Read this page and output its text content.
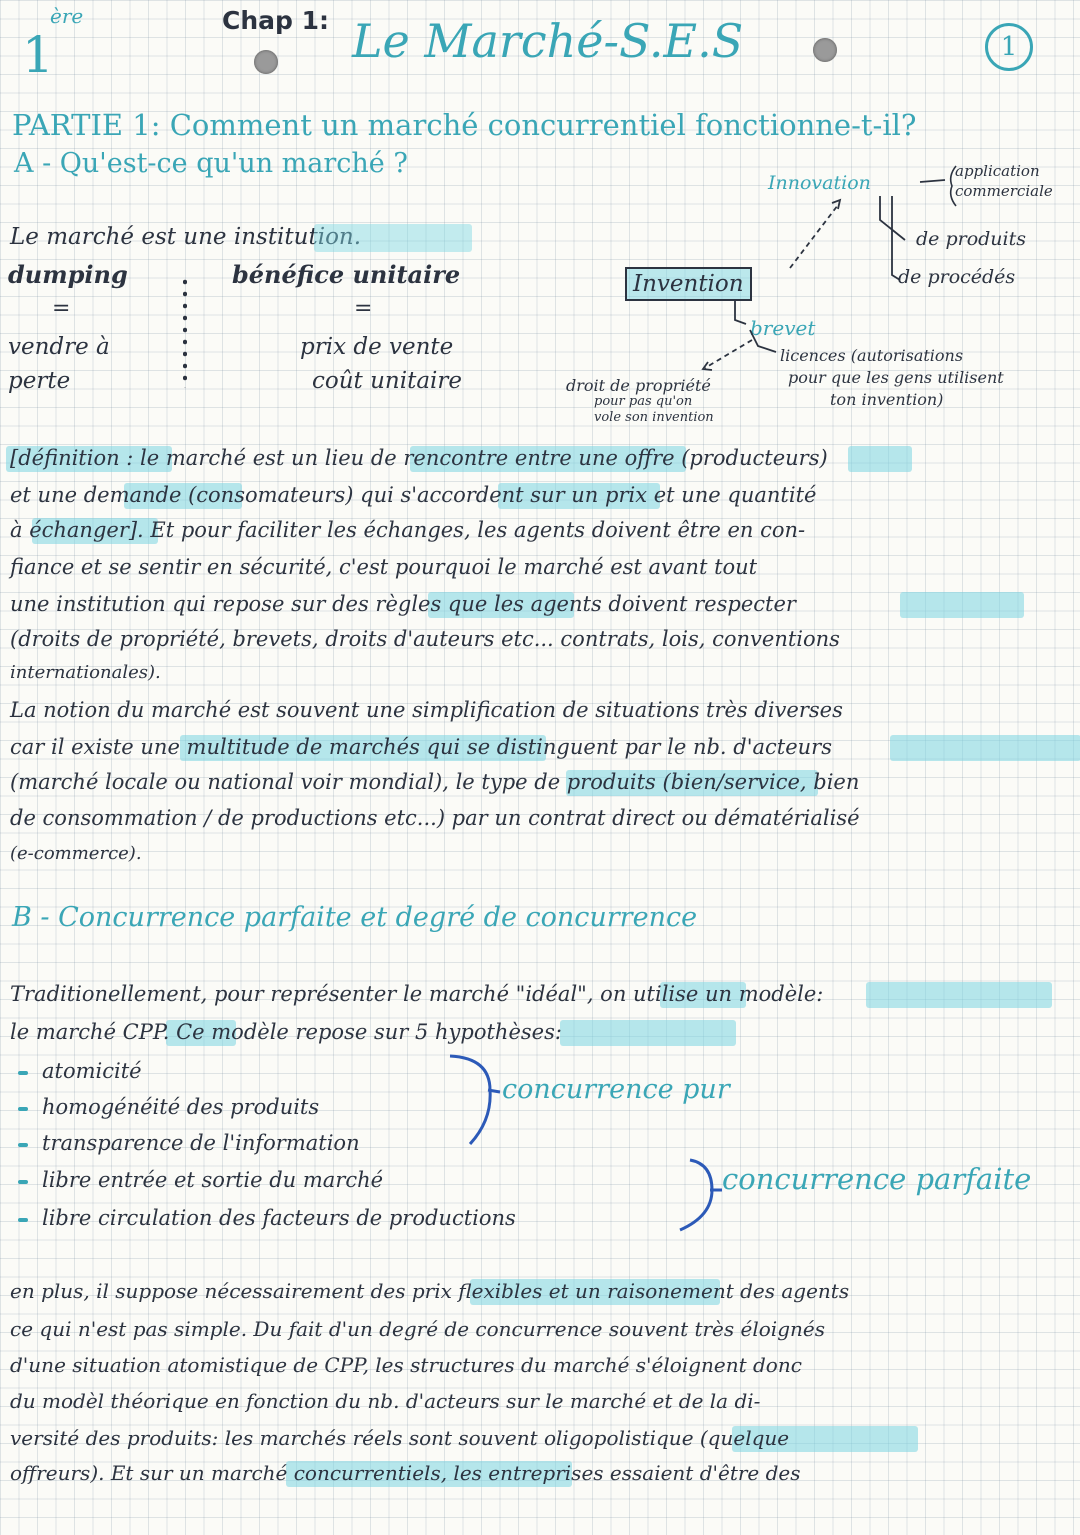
1
ère	Chap 1: Le Marché-S.E.S	1
PARTIE 1: Comment un marché concurrentiel fonctionne-t-il?
A - Qu'est-ce qu'un marché ?
Le marché est une institution.
dumping
=
vendre à
perte
bénéfice unitaire
=
prix de vente
coût unitaire
Innovation
application
commerciale
de produits
de procédés
Invention
brevet
licences (autorisations
pour que les gens utilisent
ton invention)
droit de propriété
pour pas qu'on
vole son invention
[définition : le marché est un lieu de rencontre entre une offre (producteurs)
et une demande (consomateurs) qui s'accordent sur un prix et une quantité
à échanger]. Et pour faciliter les échanges, les agents doivent être en con-
fiance et se sentir en sécurité, c'est pourquoi le marché est avant tout
une institution qui repose sur des règles que les agents doivent respecter
(droits de propriété, brevets, droits d'auteurs etc... contrats, lois, conventions
internationales).
La notion du marché est souvent une simplification de situations très diverses
car il existe une multitude de marchés qui se distinguent par le nb. d'acteurs
(marché locale ou national voir mondial), le type de produits (bien/service, bien
de consommation / de productions etc...) par un contrat direct ou dématérialisé
(e-commerce).
B - Concurrence parfaite et degré de concurrence
Traditionellement, pour représenter le marché "idéal", on utilise un modèle:
le marché CPP. Ce modèle repose sur 5 hypothèses:
atomicité
homogénéité des produits
transparence de l'information
libre entrée et sortie du marché
libre circulation des facteurs de productions
concurrence pur
concurrence parfaite
en plus, il suppose nécessairement des prix flexibles et un raisonement des agents
ce qui n'est pas simple. Du fait d'un degré de concurrence souvent très éloignés
d'une situation atomistique de CPP, les structures du marché s'éloignent donc
du modèl théorique en fonction du nb. d'acteurs sur le marché et de la di-
versité des produits: les marchés réels sont souvent oligopolistique (quelque
offreurs). Et sur un marché concurrentiels, les entreprises essaient d'être des
